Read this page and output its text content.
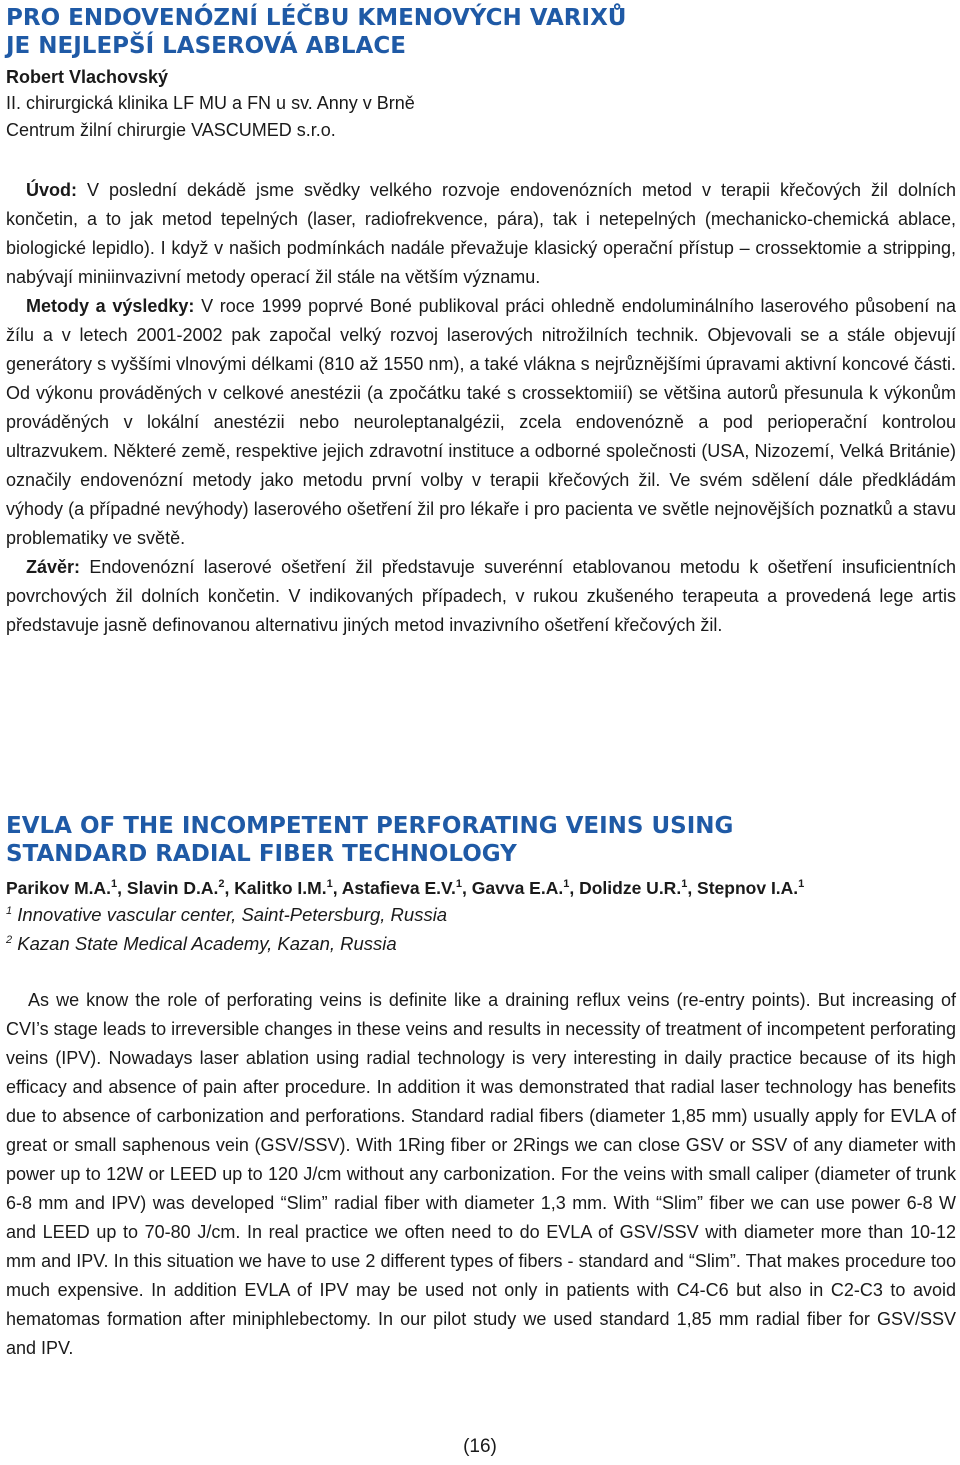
PRO ENDOVENÓZNÍ LÉČBU KMENOVÝCH VARIXŮ
JE NEJLEPŠÍ LASEROVÁ ABLACE

Robert Vlachovský

II. chirurgická klinika LF MU a FN u sv. Anny v Brně
Centrum žilní chirurgie VASCUMED s.r.o.

Úvod: V poslední dekádě jsme svědky velkého rozvoje endovenózních metod v terapii křečových žil dolních končetin, a to jak metod tepelných (laser, radiofrekvence, pára), tak i netepelných (mechanicko-chemická ablace, biologické lepidlo). I když v našich podmínkách nadále převažuje klasický operační přístup – crossektomie a stripping, nabývají miniinvazivní metody operací žil stále na větším významu.

Metody a výsledky: V roce 1999 poprvé Boné publikoval práci ohledně endoluminálního laserového působení na žílu a v letech 2001-2002 pak započal velký rozvoj laserových nitrožilních technik. Objevovali se a stále objevují generátory s vyššími vlnovými délkami (810 až 1550 nm), a také vlákna s nejrůznějšími úpravami aktivní koncové části. Od výkonu prováděných v celkové anestézii (a zpočátku také s crossektomiií) se většina autorů přesunula k výkonům prováděných v lokální anestézii nebo neuroleptanalgézii, zcela endovenózně a pod perioperační kontrolou ultrazvukem. Některé země, respektive jejich zdravotní instituce a odborné společnosti (USA, Nizozemí, Velká Británie) označily endovenózní metody jako metodu první volby v terapii křečových žil. Ve svém sdělení dále předkládám výhody (a případné nevýhody) laserového ošetření žil pro lékaře i pro pacienta ve světle nejnovějších poznatků a stavu problematiky ve světě.

Závěr: Endovenózní laserové ošetření žil představuje suverénní etablovanou metodu k ošetření insuficientních povrchových žil dolních končetin. V indikovaných případech, v rukou zkušeného terapeuta a provedená lege artis představuje jasně definovanou alternativu jiných metod invazivního ošetření křečových žil.

EVLA OF THE INCOMPETENT PERFORATING VEINS USING
STANDARD RADIAL FIBER TECHNOLOGY

Parikov M.A.$^1$, Slavin D.A.$^2$, Kalitko I.M.$^1$, Astafieva E.V.$^1$, Gavva E.A.$^1$, Dolidze U.R.$^1$, Stepnov I.A.$^1$

$^1$ Innovative vascular center, Saint-Petersburg, Russia
$^2$ Kazan State Medical Academy, Kazan, Russia

As we know the role of perforating veins is definite like a draining reflux veins (re-entry points). But increasing of CVI’s stage leads to irreversible changes in these veins and results in necessity of treatment of incompetent perforating veins (IPV). Nowadays laser ablation using radial technology is very interesting in daily practice because of its high efficacy and absence of pain after procedure. In addition it was demonstrated that radial laser technology has benefits due to absence of carbonization and perforations. Standard radial fibers (diameter 1,85 mm) usually apply for EVLA of great or small saphenous vein (GSV/SSV). With 1Ring fiber or 2Rings we can close GSV or SSV of any diameter with power up to 12W or LEED up to 120 J/cm without any carbonization. For the veins with small caliper (diameter of trunk 6-8 mm and IPV) was developed “Slim” radial fiber with diameter 1,3 mm. With “Slim” fiber we can use power 6-8 W and LEED up to 70-80 J/cm. In real practice we often need to do EVLA of GSV/SSV with diameter more than 10-12 mm and IPV. In this situation we have to use 2 different types of fibers - standard and “Slim”. That makes procedure too much expensive. In addition EVLA of IPV may be used not only in patients with C4-C6 but also in C2-C3 to avoid hematomas formation after miniphlebectomy. In our pilot study we used standard 1,85 mm radial fiber for GSV/SSV and IPV.

(16)
